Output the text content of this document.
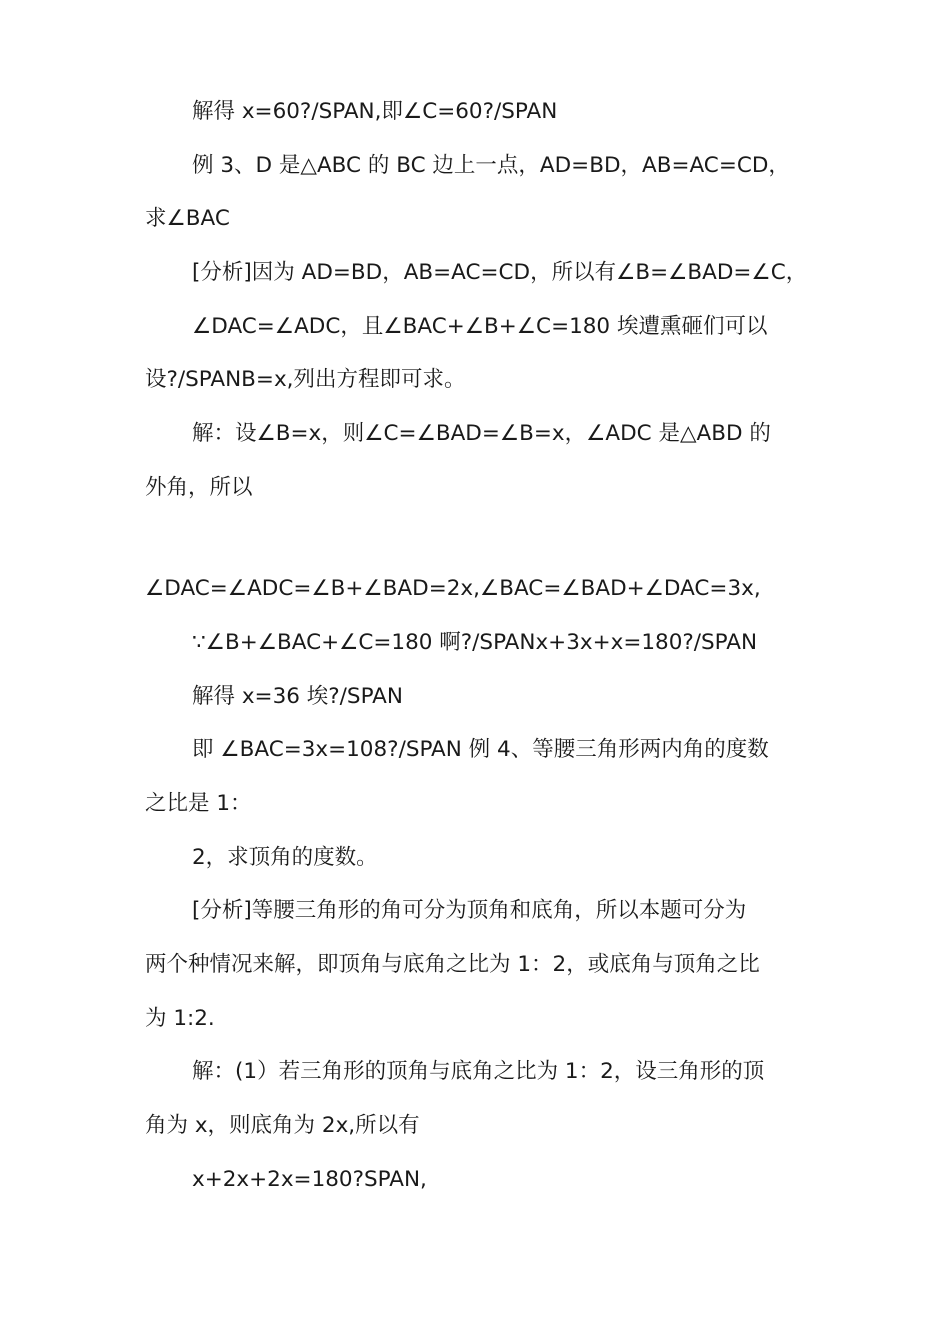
解得 x=60?/SPAN,即∠C=60?/SPAN
例 3、D 是△ABC 的 BC 边上一点，AD=BD，AB=AC=CD，
求∠BAC
[分析]因为 AD=BD，AB=AC=CD，所以有∠B=∠BAD=∠C，
∠DAC=∠ADC，且∠BAC+∠B+∠C=180 埃遭熏砸们可以
设?/SPANB=x,列出方程即可求。
解：设∠B=x，则∠C=∠BAD=∠B=x，∠ADC 是△ABD 的
外角，所以
∠DAC=∠ADC=∠B+∠BAD=2x,∠BAC=∠BAD+∠DAC=3x,
∵∠B+∠BAC+∠C=180 啊?/SPANx+3x+x=180?/SPAN
解得 x=36 埃?/SPAN
即 ∠BAC=3x=108?/SPAN 例 4、等腰三角形两内角的度数
之比是 1：
2，求顶角的度数。
[分析]等腰三角形的角可分为顶角和底角，所以本题可分为
两个种情况来解，即顶角与底角之比为 1：2，或底角与顶角之比
为 1:2.
解：(1）若三角形的顶角与底角之比为 1：2，设三角形的顶
角为 x，则底角为 2x,所以有
x+2x+2x=180?SPAN,
